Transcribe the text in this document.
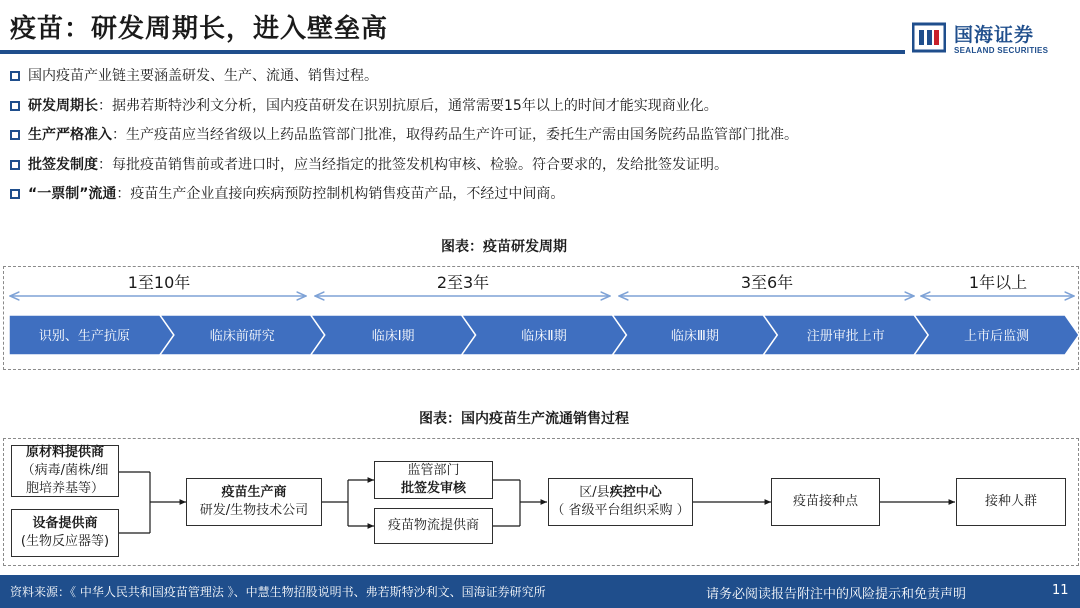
疫苗：研发周期长，进入壁垒高	国海证券
SEALAND SECURITIES
国内疫苗产业链主要涵盖研发、生产、流通、销售过程。
研发周期长：据弗若斯特沙利文分析，国内疫苗研发在识别抗原后，通常需要15年以上的时间才能实现商业化。
生产严格准入：生产疫苗应当经省级以上药品监管部门批准，取得药品生产许可证，委托生产需由国务院药品监管部门批准。
批签发制度：每批疫苗销售前或者进口时，应当经指定的批签发机构审核、检验。符合要求的，发给批签发证明。
“一票制”流通：疫苗生产企业直接向疾病预防控制机构销售疫苗产品，不经过中间商。
图表：疫苗研发周期
1至10年	2至3年	3至6年	1年以上
识别、生产抗原	临床前研究	临床Ⅰ期	临床Ⅱ期	临床Ⅲ期	注册审批上市	上市后监测
图表：国内疫苗生产流通销售过程
原材料提供商
（病毒/菌株/细
胞培养基等）
设备提供商
(生物反应器等)
疫苗生产商
研发/生物技术公司
监管部门
批签发审核
疫苗物流提供商
区/县疾控中心
（ 省级平台组织采购 ）
疫苗接种点	接种人群
资料来源：《 中华人民共和国疫苗管理法 》、中慧生物招股说明书、弗若斯特沙利文、国海证券研究所	请务必阅读报告附注中的风险提示和免责声明	11
